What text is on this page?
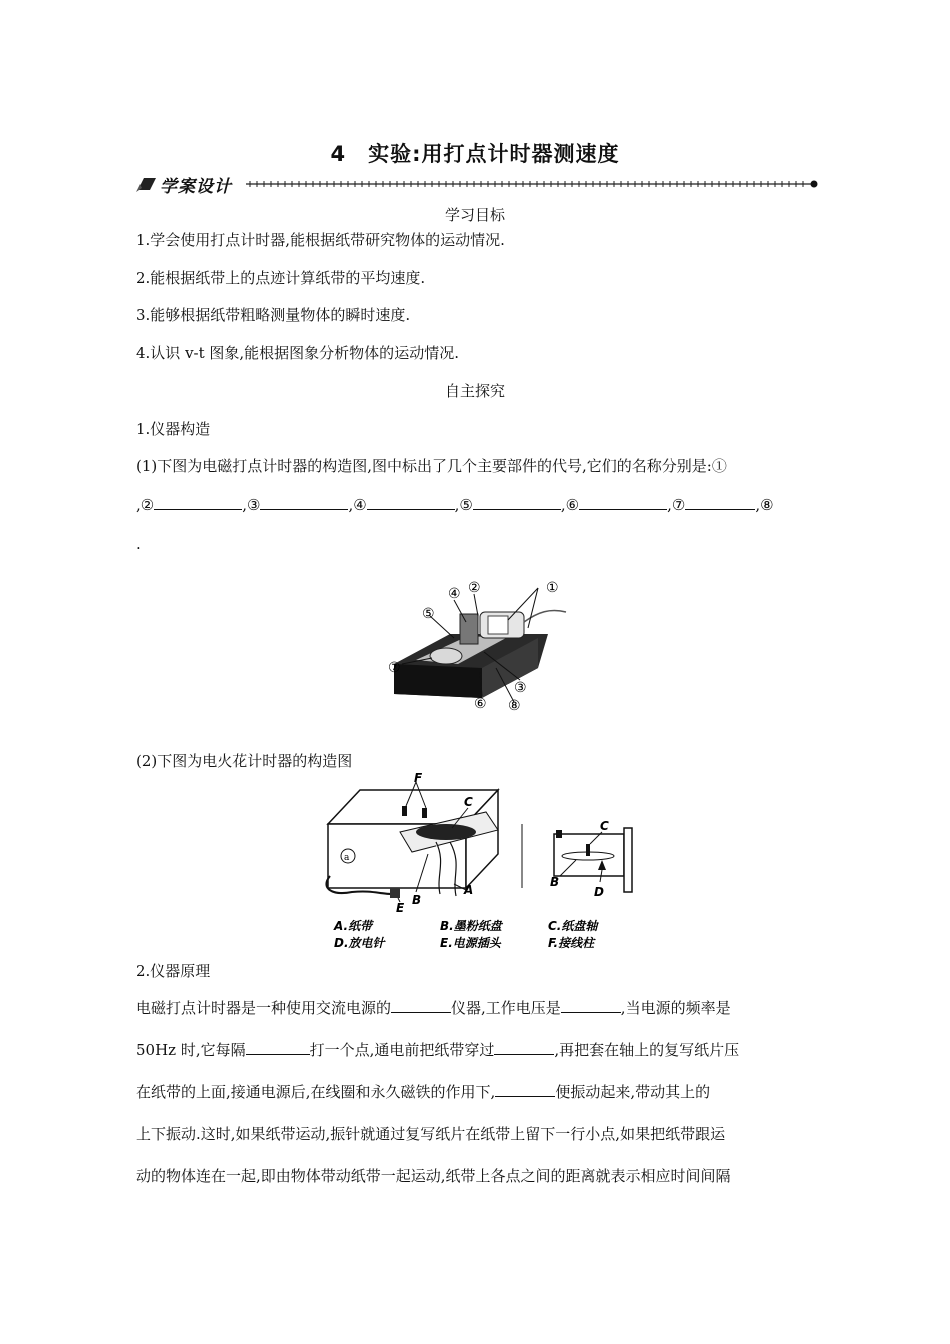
4　实验:用打点计时器测速度
学案设计
学习目标
1.学会使用打点计时器,能根据纸带研究物体的运动情况.
2.能根据纸带上的点迹计算纸带的平均速度.
3.能够根据纸带粗略测量物体的瞬时速度.
4.认识 v-t 图象,能根据图象分析物体的运动情况.
自主探究
1.仪器构造
(1)下图为电磁打点计时器的构造图,图中标出了几个主要部件的代号,它们的名称分别是:①
,②	,③	,④	,⑤	,⑥	,⑦	,⑧
.
①
②
③
④
⑤
⑥
⑦
⑧
(2)下图为电火花计时器的构造图
a
F
C
B
A
E
C
B
D
A.纸带	B.墨粉纸盘	C.纸盘轴
D.放电针	E.电源插头	F.接线柱
2.仪器原理
电磁打点计时器是一种使用交流电源的	仪器,工作电压是	,当电源的频率是
50Hz 时,它每隔	打一个点,通电前把纸带穿过	,再把套在轴上的复写纸片压
在纸带的上面,接通电源后,在线圈和永久磁铁的作用下,	便振动起来,带动其上的
上下振动.这时,如果纸带运动,振针就通过复写纸片在纸带上留下一行小点,如果把纸带跟运
动的物体连在一起,即由物体带动纸带一起运动,纸带上各点之间的距离就表示相应时间间隔
